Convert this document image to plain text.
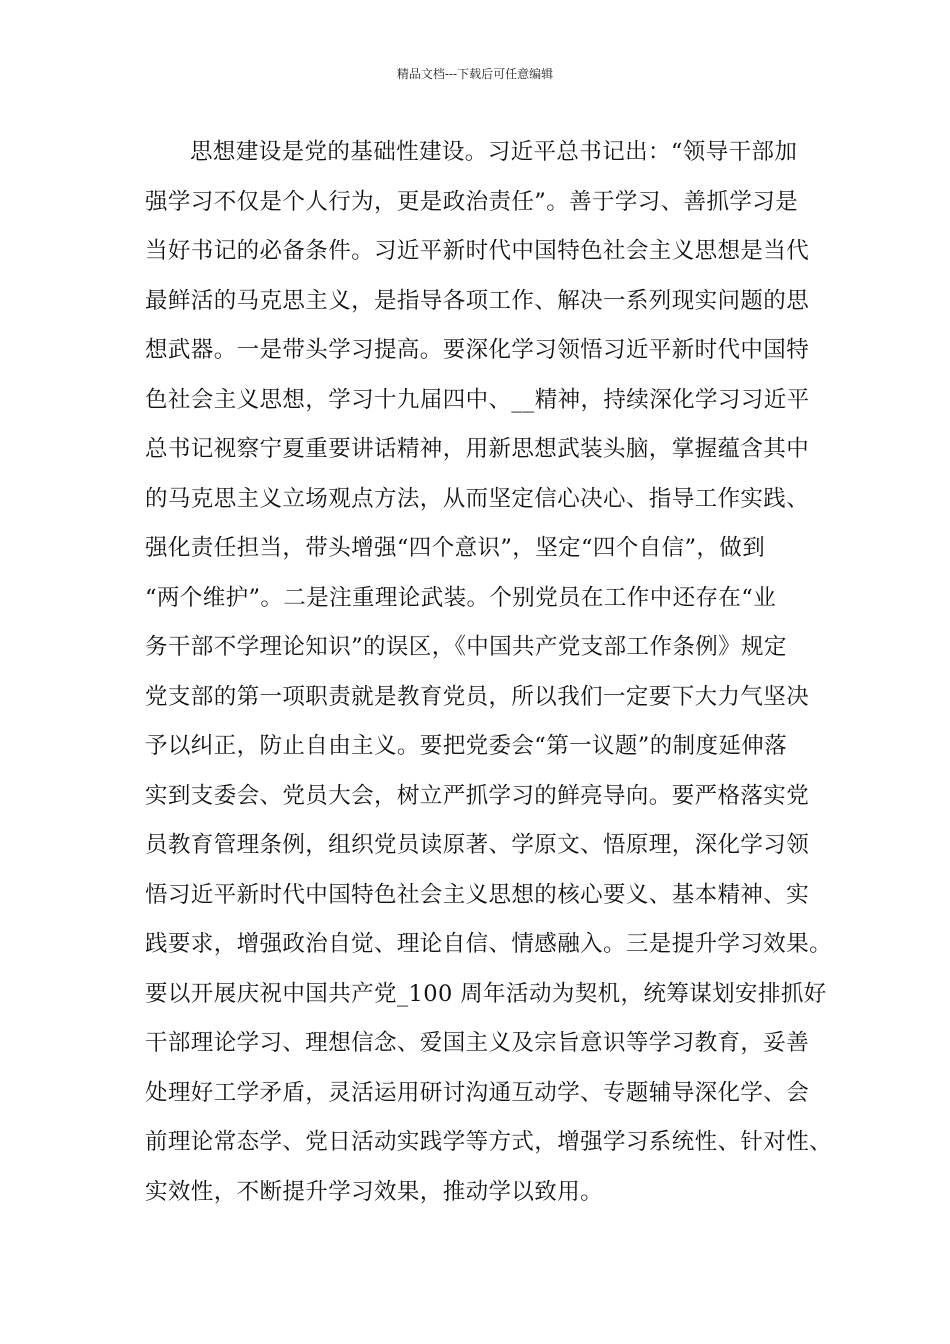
精品文档---下载后可任意编辑
思想建设是党的基础性建设。习近平总书记出：“领导干部加
强学习不仅是个人行为，更是政治责任”。善于学习、善抓学习是
当好书记的必备条件。习近平新时代中国特色社会主义思想是当代
最鲜活的马克思主义，是指导各项工作、解决一系列现实问题的思
想武器。一是带头学习提高。要深化学习领悟习近平新时代中国特
色社会主义思想，学习十九届四中、__精神，持续深化学习习近平
总书记视察宁夏重要讲话精神，用新思想武装头脑，掌握蕴含其中
的马克思主义立场观点方法，从而坚定信心决心、指导工作实践、
强化责任担当，带头增强“四个意识”，坚定“四个自信”，做到
“两个维护”。二是注重理论武装。个别党员在工作中还存在“业
务干部不学理论知识”的误区，《中国共产党支部工作条例》规定
党支部的第一项职责就是教育党员，所以我们一定要下大力气坚决
予以纠正，防止自由主义。要把党委会“第一议题”的制度延伸落
实到支委会、党员大会，树立严抓学习的鲜亮导向。要严格落实党
员教育管理条例，组织党员读原著、学原文、悟原理，深化学习领
悟习近平新时代中国特色社会主义思想的核心要义、基本精神、实
践要求，增强政治自觉、理论自信、情感融入。三是提升学习效果。
要以开展庆祝中国共产党_100 周年活动为契机，统筹谋划安排抓好
干部理论学习、理想信念、爱国主义及宗旨意识等学习教育，妥善
处理好工学矛盾，灵活运用研讨沟通互动学、专题辅导深化学、会
前理论常态学、党日活动实践学等方式，增强学习系统性、针对性、
实效性，不断提升学习效果，推动学以致用。
